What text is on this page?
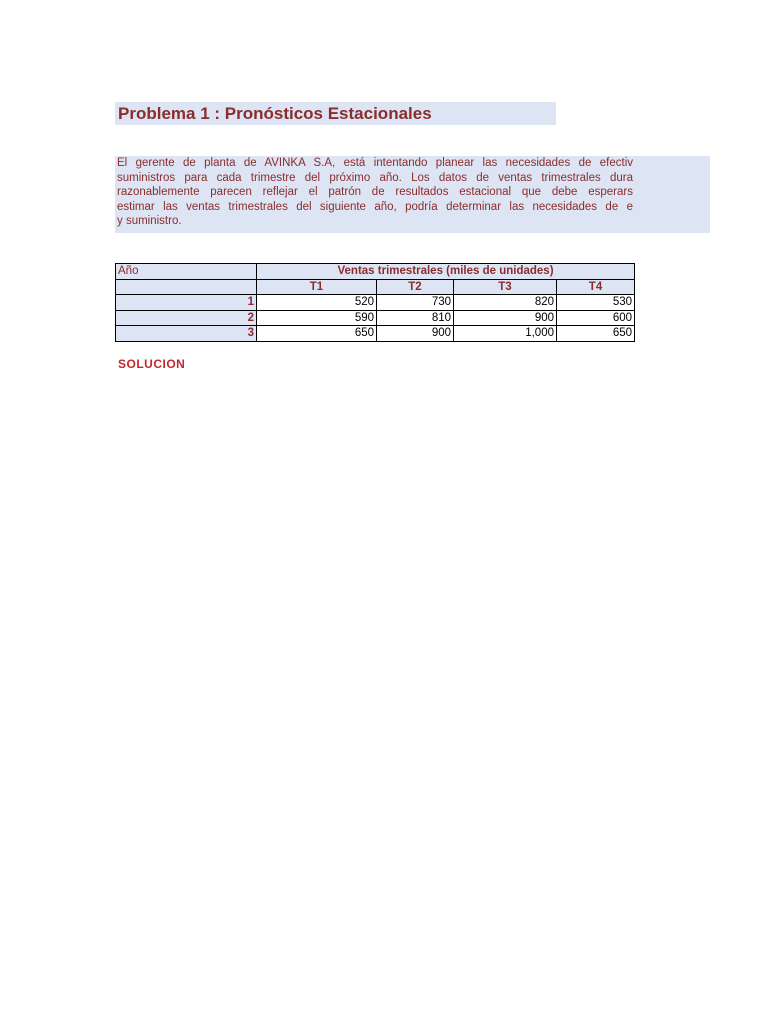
Problema 1 : Pronósticos Estacionales
El gerente de planta de AVINKA S.A, está intentando planear las necesidades de efectiv
suministros para cada trimestre del próximo año. Los datos de ventas trimestrales dura
razonablemente parecen reflejar el patrón de resultados estacional que debe esperars
estimar las ventas trimestrales del siguiente año, podría determinar las necesidades de e
y suministro.
Año	Ventas trimestrales (miles de unidades)			
	T1	T2	T3	T4
1	520	730	820	530
2	590	810	900	600
3	650	900	1,000	650
SOLUCION
